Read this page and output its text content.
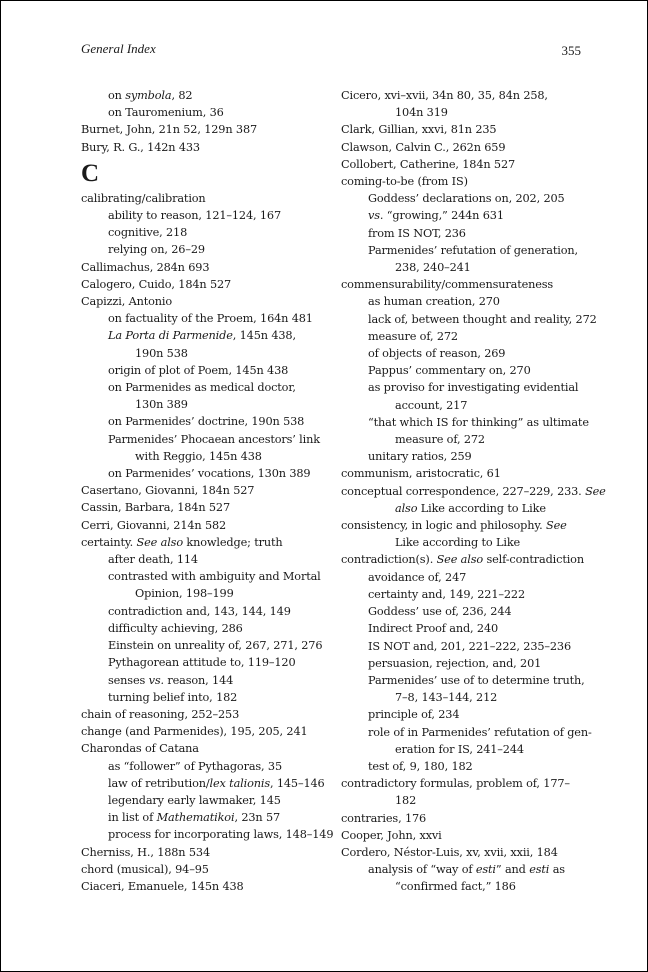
General Index	355
on symbola, 82
on Tauromenium, 36
Burnet, John, 21n 52, 129n 387
Bury, R. G., 142n 433
C
calibrating/calibration
ability to reason, 121–124, 167
cognitive, 218
relying on, 26–29
Callimachus, 284n 693
Calogero, Cuido, 184n 527
Capizzi, Antonio
on factuality of the Proem, 164n 481
La Porta di Parmenide, 145n 438,
190n 538
origin of plot of Poem, 145n 438
on Parmenides as medical doctor,
130n 389
on Parmenides’ doctrine, 190n 538
Parmenides’ Phocaean ancestors’ link
with Reggio, 145n 438
on Parmenides’ vocations, 130n 389
Casertano, Giovanni, 184n 527
Cassin, Barbara, 184n 527
Cerri, Giovanni, 214n 582
certainty. See also knowledge; truth
after death, 114
contrasted with ambiguity and Mortal
Opinion, 198–199
contradiction and, 143, 144, 149
difficulty achieving, 286
Einstein on unreality of, 267, 271, 276
Pythagorean attitude to, 119–120
senses vs. reason, 144
turning belief into, 182
chain of reasoning, 252–253
change (and Parmenides), 195, 205, 241
Charondas of Catana
as “follower” of Pythagoras, 35
law of retribution/lex talionis, 145–146
legendary early lawmaker, 145
in list of Mathematikoi, 23n 57
process for incorporating laws, 148–149
Cherniss, H., 188n 534
chord (musical), 94–95
Ciaceri, Emanuele, 145n 438
Cicero, xvi–xvii, 34n 80, 35, 84n 258,
104n 319
Clark, Gillian, xxvi, 81n 235
Clawson, Calvin C., 262n 659
Collobert, Catherine, 184n 527
coming-to-be (from IS)
Goddess’ declarations on, 202, 205
vs. “growing,” 244n 631
from IS NOT, 236
Parmenides’ refutation of generation,
238, 240–241
commensurability/commensurateness
as human creation, 270
lack of, between thought and reality, 272
measure of, 272
of objects of reason, 269
Pappus’ commentary on, 270
as proviso for investigating evidential
account, 217
“that which IS for thinking” as ultimate
measure of, 272
unitary ratios, 259
communism, aristocratic, 61
conceptual correspondence, 227–229, 233. See
also Like according to Like
consistency, in logic and philosophy. See
Like according to Like
contradiction(s). See also self-contradiction
avoidance of, 247
certainty and, 149, 221–222
Goddess’ use of, 236, 244
Indirect Proof and, 240
IS NOT and, 201, 221–222, 235–236
persuasion, rejection, and, 201
Parmenides’ use of to determine truth,
7–8, 143–144, 212
principle of, 234
role of in Parmenides’ refutation of gen-
eration for IS, 241–244
test of, 9, 180, 182
contradictory formulas, problem of, 177–
182
contraries, 176
Cooper, John, xxvi
Cordero, Néstor-Luis, xv, xvii, xxii, 184
analysis of “way of esti” and esti as
“confirmed fact,” 186
